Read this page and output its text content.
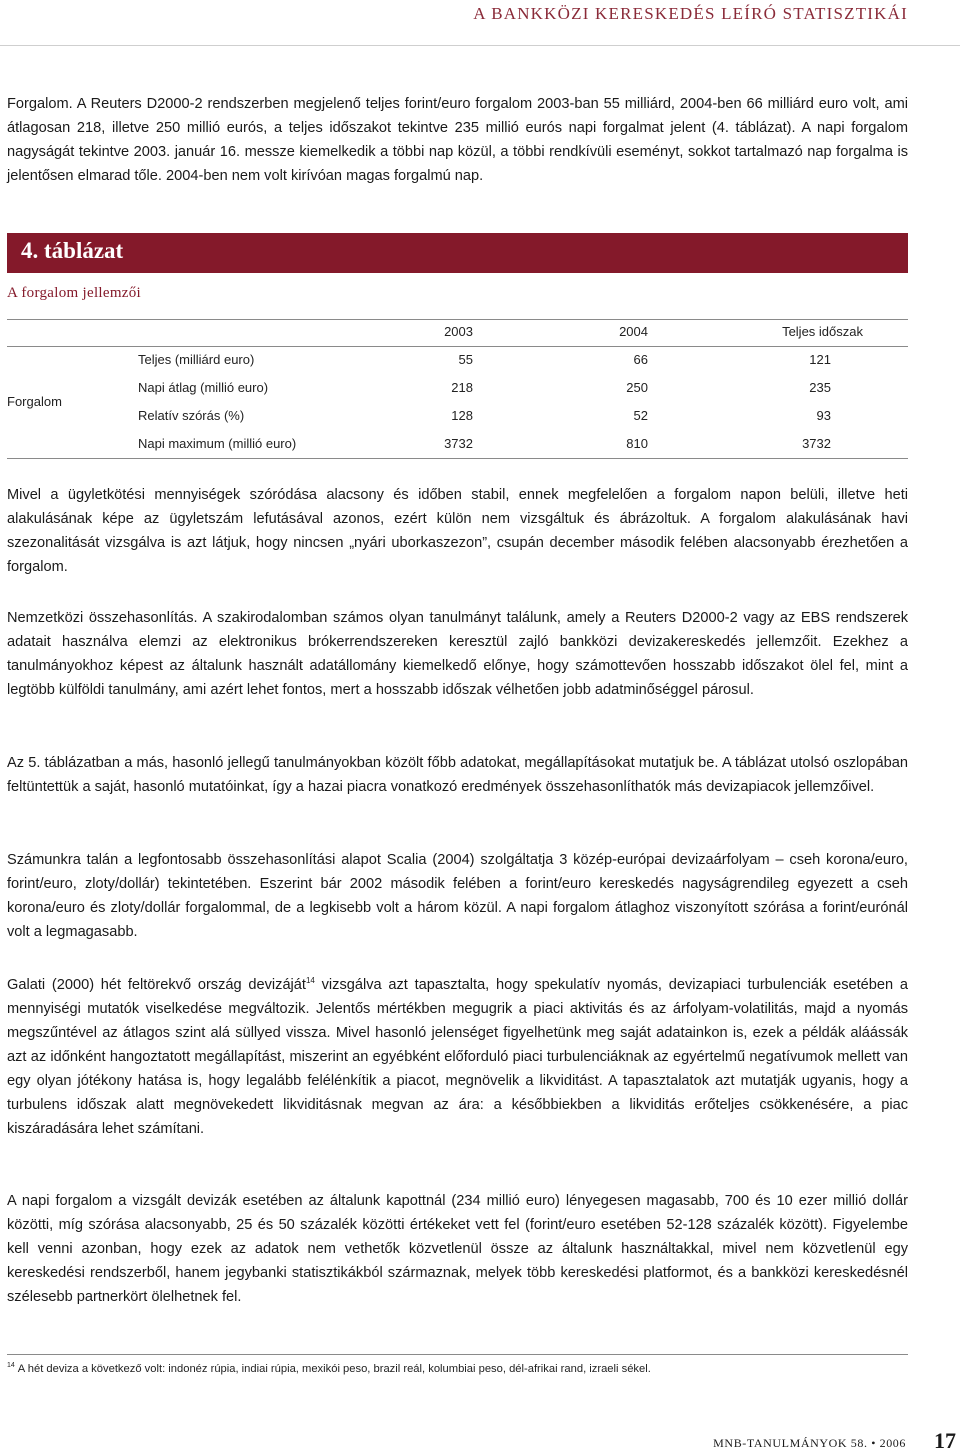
A BANKKÖZI KERESKEDÉS LEÍRÓ STATISZTIKÁI

Forgalom. A Reuters D2000-2 rendszerben megjelenő teljes forint/euro forgalom 2003-ban 55 milliárd, 2004-ben 66 milliárd euro volt, ami átlagosan 218, illetve 250 millió eurós, a teljes időszakot tekintve 235 millió eurós napi forgalmat jelent (4. táblázat). A napi forgalom nagyságát tekintve 2003. január 16. messze kiemelkedik a többi nap közül, a többi rendkívüli eseményt, sokkot tartalmazó nap forgalma is jelentősen elmarad tőle. 2004-ben nem volt kirívóan magas forgalmú nap.

4. táblázat
A forgalom jellemzői
2003	2004	Teljes időszak
Forgalom
Teljes (milliárd euro)	55	66	121
Napi átlag (millió euro)	218	250	235
Relatív szórás (%)	128	52	93
Napi maximum (millió euro)	3732	810	3732

Mivel a ügyletkötési mennyiségek szóródása alacsony és időben stabil, ennek megfelelően a forgalom napon belüli, illetve heti alakulásának képe az ügyletszám lefutásával azonos, ezért külön nem vizsgáltuk és ábrázoltuk. A forgalom alakulásának havi szezonalitását vizsgálva is azt látjuk, hogy nincsen „nyári uborkaszezon”, csupán december második felében alacsonyabb érezhetően a forgalom.

Nemzetközi összehasonlítás. A szakirodalomban számos olyan tanulmányt találunk, amely a Reuters D2000-2 vagy az EBS rendszerek adatait használva elemzi az elektronikus brókerrendszereken keresztül zajló bankközi devizakereskedés jellemzőit. Ezekhez a tanulmányokhoz képest az általunk használt adatállomány kiemelkedő előnye, hogy számottevően hosszabb időszakot ölel fel, mint a legtöbb külföldi tanulmány, ami azért lehet fontos, mert a hosszabb időszak vélhetően jobb adatminőséggel párosul.

Az 5. táblázatban a más, hasonló jellegű tanulmányokban közölt főbb adatokat, megállapításokat mutatjuk be. A táblázat utolsó oszlopában feltüntettük a saját, hasonló mutatóinkat, így a hazai piacra vonatkozó eredmények összehasonlíthatók más devizapiacok jellemzőivel.

Számunkra talán a legfontosabb összehasonlítási alapot Scalia (2004) szolgáltatja 3 közép-európai devizaárfolyam – cseh korona/euro, forint/euro, zloty/dollár) tekintetében. Eszerint bár 2002 második felében a forint/euro kereskedés nagyságrendileg egyezett a cseh korona/euro és zloty/dollár forgalommal, de a legkisebb volt a három közül. A napi forgalom átlaghoz viszonyított szórása a forint/eurónál volt a legmagasabb.

Galati (2000) hét feltörekvő ország devizáját$^{14}$ vizsgálva azt tapasztalta, hogy spekulatív nyomás, devizapiaci turbulenciák esetében a mennyiségi mutatók viselkedése megváltozik. Jelentős mértékben megugrik a piaci aktivitás és az árfolyam-volatilitás, majd a nyomás megszűntével az átlagos szint alá süllyed vissza. Mivel hasonló jelenséget figyelhetünk meg saját adatainkon is, ezek a példák aláássák azt az időnként hangoztatott megállapítást, miszerint an egyébként előforduló piaci turbulenciáknak az egyértelmű negatívumok mellett van egy olyan jótékony hatása is, hogy legalább felélénkítik a piacot, megnövelik a likviditást. A tapasztalatok azt mutatják ugyanis, hogy a turbulens időszak alatt megnövekedett likviditásnak megvan az ára: a későbbiekben a likviditás erőteljes csökkenésére, a piac kiszáradására lehet számítani.

A napi forgalom a vizsgált devizák esetében az általunk kapottnál (234 millió euro) lényegesen magasabb, 700 és 10 ezer millió dollár közötti, míg szórása alacsonyabb, 25 és 50 százalék közötti értékeket vett fel (forint/euro esetében 52-128 százalék között). Figyelembe kell venni azonban, hogy ezek az adatok nem vethetők közvetlenül össze az általunk használtakkal, mivel nem közvetlenül egy kereskedési rendszerből, hanem jegybanki statisztikákból származnak, melyek több kereskedési platformot, és a bankközi kereskedésnél szélesebb partnerkört ölelhetnek fel.

$^{14}$ A hét deviza a következő volt: indonéz rúpia, indiai rúpia, mexikói peso, brazil reál, kolumbiai peso, dél-afrikai rand, izraeli sékel.
MNB-TANULMÁNYOK 58. • 2006 17
